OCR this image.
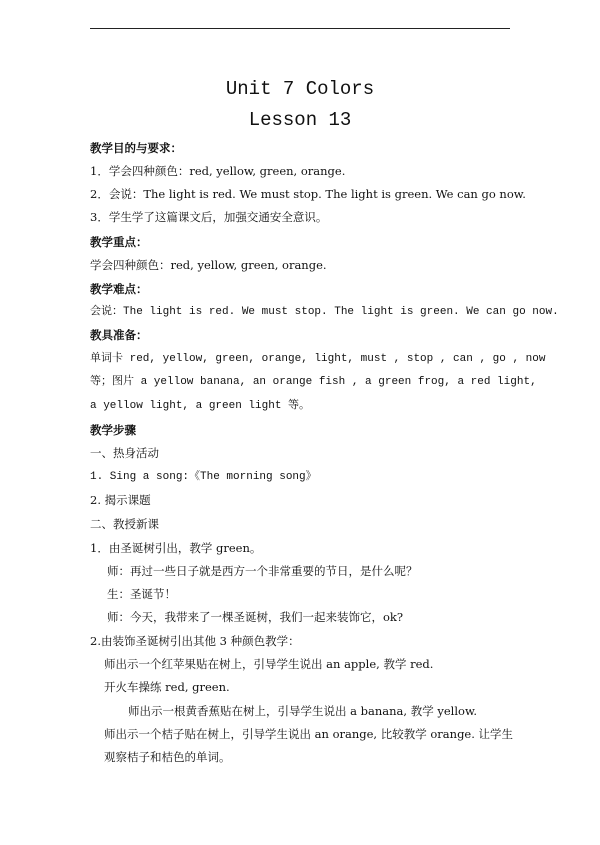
Unit 7 Colors
Lesson 13
教学目的与要求：
1．学会四种颜色：red, yellow, green, orange.
2．会说：The light is red. We must stop. The light is green. We can go now.
3．学生学了这篇课文后，加强交通安全意识。
教学重点：
学会四种颜色：red, yellow, green, orange.
教学难点：
会说：The light is red. We must stop. The light is green. We can go now.
教具准备：
单词卡 red, yellow, green, orange, light, must , stop , can , go , now
等；图片 a yellow banana, an orange fish , a green frog, a red light,
a yellow light, a green light 等。
教学步骤
一、热身活动
1. Sing a song:《The morning song》
2. 揭示课题
二、教授新课
1．由圣诞树引出，教学 green。
师：再过一些日子就是西方一个非常重要的节日，是什么呢？
生：圣诞节！
师：今天，我带来了一棵圣诞树，我们一起来装饰它，ok?
2.由装饰圣诞树引出其他 3 种颜色教学：
师出示一个红苹果贴在树上，引导学生说出 an apple, 教学 red.
开火车操练 red, green.
师出示一根黄香蕉贴在树上，引导学生说出 a banana, 教学 yellow.
师出示一个桔子贴在树上，引导学生说出 an orange, 比较教学 orange. 让学生
观察桔子和桔色的单词。
